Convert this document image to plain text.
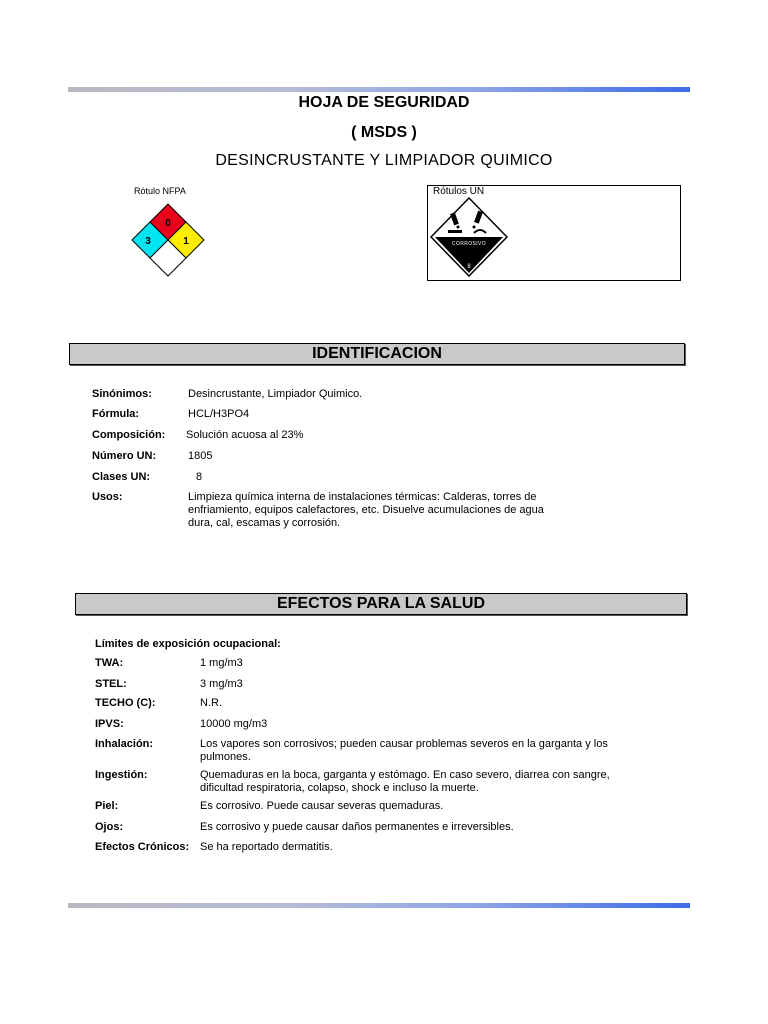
HOJA DE SEGURIDAD
( MSDS )
DESINCRUSTANTE Y LIMPIADOR QUIMICO
Rótulo NFPA
0
3	1
Rótulos UN
CORROSIVO
8
IDENTIFICACION
Sinónimos:	Desincrustante, Limpiador Quimico.
Fórmula:	HCL/H3PO4
Composición: Solución acuosa al 23%
Número UN:	1805
Clases UN:	8
Usos:	Limpieza química interna de instalaciones térmicas: Calderas, torres de enfriamiento, equipos calefactores, etc. Disuelve acumulaciones de agua dura, cal, escamas y corrosión.
EFECTOS PARA LA SALUD
Límites de exposición ocupacional:
TWA:	1 mg/m3
STEL:	3 mg/m3
TECHO (C):	N.R.
IPVS:	10000 mg/m3
Inhalación:	Los vapores son corrosivos; pueden causar problemas severos en la garganta y los pulmones.
Ingestión:	Quemaduras en la boca, garganta y estómago. En caso severo, diarrea con sangre, dificultad respiratoria, colapso, shock e incluso la muerte.
Piel:	Es corrosivo. Puede causar severas quemaduras.
Ojos:	Es corrosivo y puede causar daños permanentes e irreversibles.
Efectos Crónicos: Se ha reportado dermatitis.
